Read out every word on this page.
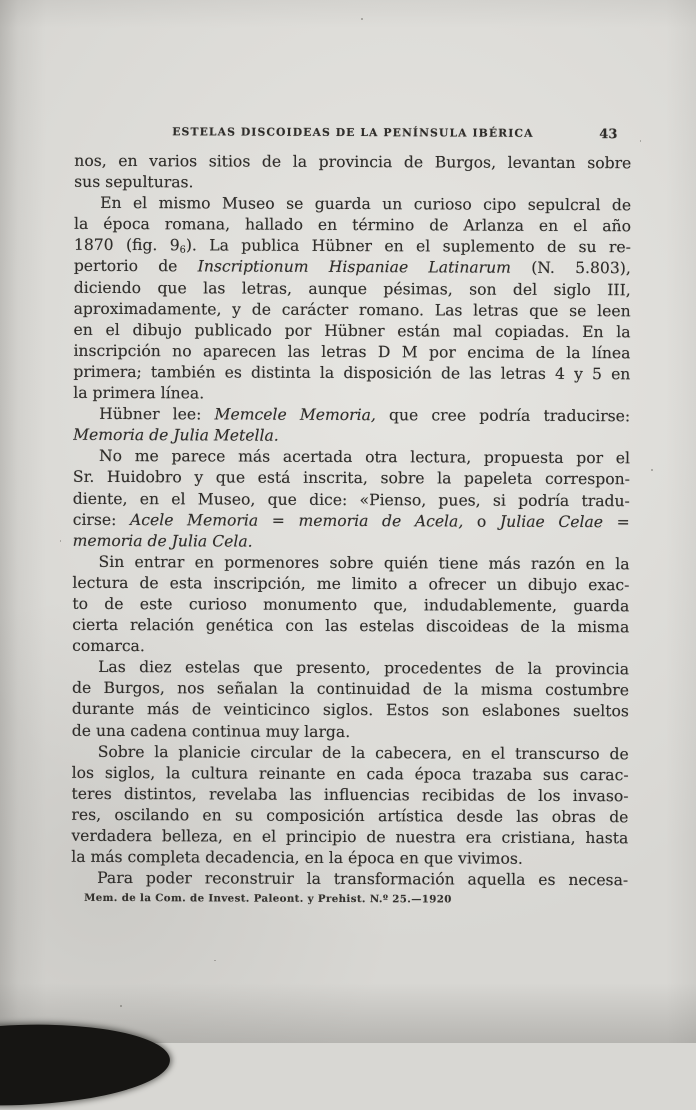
ESTELAS DISCOIDEAS DE LA PENÍNSULA IBÉRICA	43
nos, en varios sitios de la provincia de Burgos, levantan sobre
sus sepulturas.
En el mismo Museo se guarda un curioso cipo sepulcral de
la época romana, hallado en término de Arlanza en el año
1870 (fig. $9_6$). La publica Hübner en el suplemento de su re-
pertorio de Inscriptionum Hispaniae Latinarum (N. 5.803),
diciendo que las letras, aunque pésimas, son del siglo III,
aproximadamente, y de carácter romano. Las letras que se leen
en el dibujo publicado por Hübner están mal copiadas. En la
inscripción no aparecen las letras D M por encima de la línea
primera; también es distinta la disposición de las letras 4 y 5 en
la primera línea.
Hübner lee: Memcele Memoria, que cree podría traducirse:
Memoria de Julia Metella.
No me parece más acertada otra lectura, propuesta por el
Sr. Huidobro y que está inscrita, sobre la papeleta correspon-
diente, en el Museo, que dice: «Pienso, pues, si podría tradu-
cirse: Acele Memoria = memoria de Acela, o Juliae Celae =
memoria de Julia Cela.
Sin entrar en pormenores sobre quién tiene más razón en la
lectura de esta inscripción, me limito a ofrecer un dibujo exac-
to de este curioso monumento que, indudablemente, guarda
cierta relación genética con las estelas discoideas de la misma
comarca.
Las diez estelas que presento, procedentes de la provincia
de Burgos, nos señalan la continuidad de la misma costumbre
durante más de veinticinco siglos. Estos son eslabones sueltos
de una cadena continua muy larga.
Sobre la planicie circular de la cabecera, en el transcurso de
los siglos, la cultura reinante en cada época trazaba sus carac-
teres distintos, revelaba las influencias recibidas de los invaso-
res, oscilando en su composición artística desde las obras de
verdadera belleza, en el principio de nuestra era cristiana, hasta
la más completa decadencia, en la época en que vivimos.
Para poder reconstruir la transformación aquella es necesa-
Mem. de la Com. de Invest. Paleont. y Prehist. N.º 25.—1920
